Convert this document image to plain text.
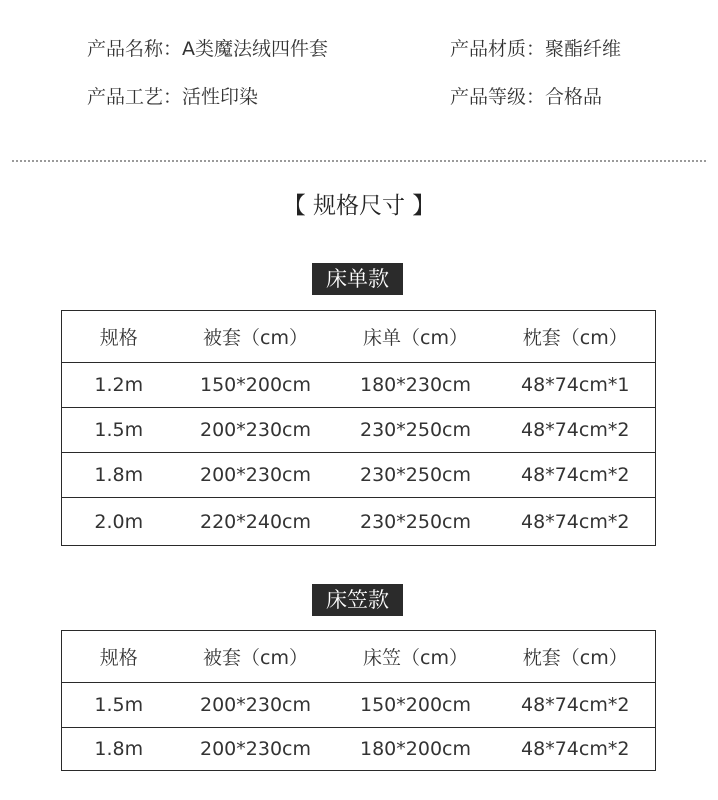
产品名称：A类魔法绒四件套	产品材质：聚酯纤维
产品工艺：活性印染	产品等级：合格品
【 规格尺寸 】
床单款
规格	被套（cm）	床单（cm）	枕套（cm）
1.2m	150*200cm	180*230cm	48*74cm*1
1.5m	200*230cm	230*250cm	48*74cm*2
1.8m	200*230cm	230*250cm	48*74cm*2
2.0m	220*240cm	230*250cm	48*74cm*2
床笠款
规格	被套（cm）	床笠（cm）	枕套（cm）
1.5m	200*230cm	150*200cm	48*74cm*2
1.8m	200*230cm	180*200cm	48*74cm*2
